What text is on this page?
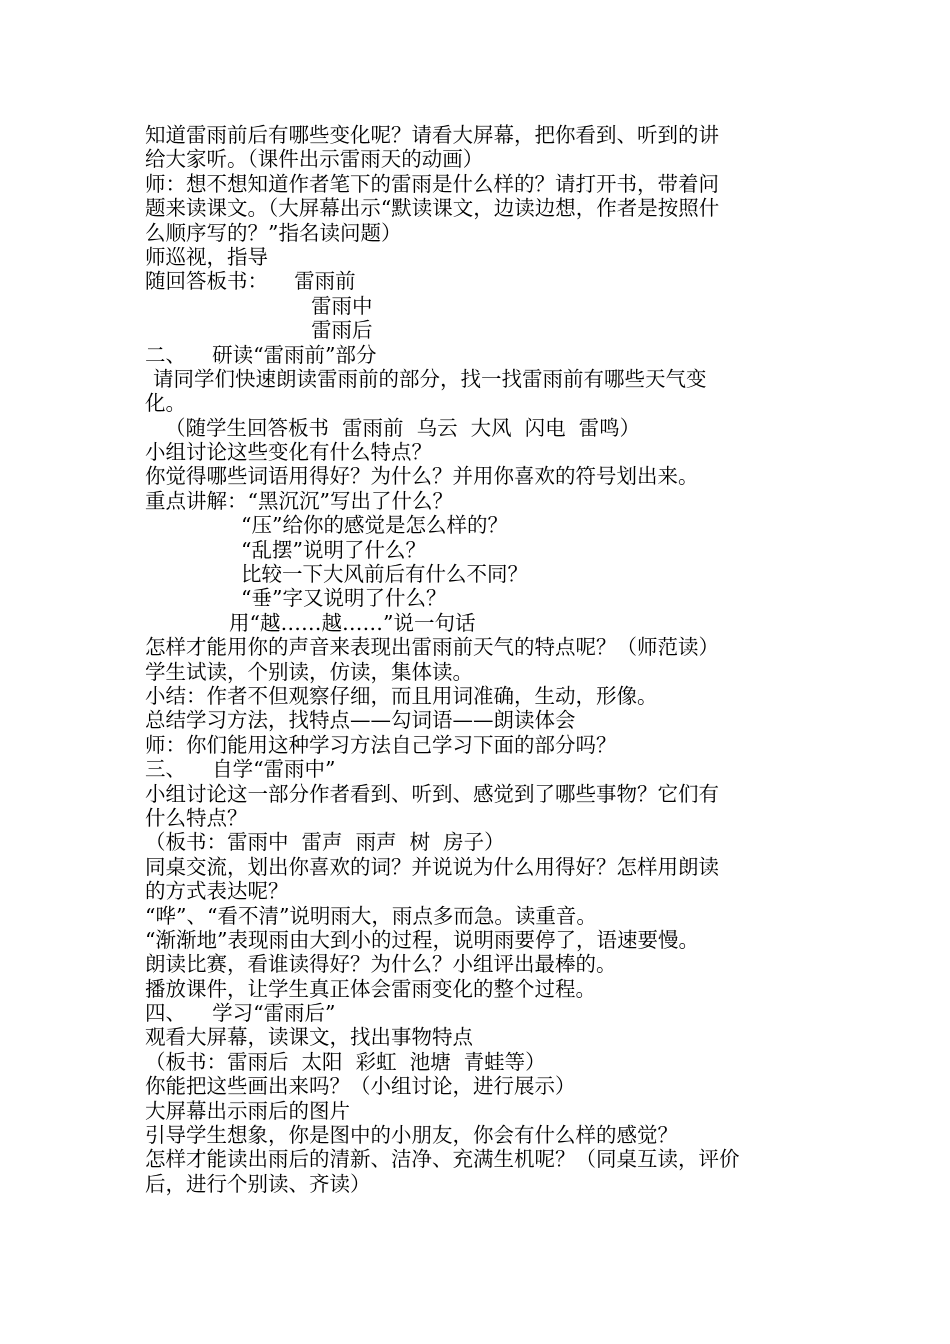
知道雷雨前后有哪些变化呢？请看大屏幕，把你看到、听到的讲
给大家听。（课件出示雷雨天的动画）
师：想不想知道作者笔下的雷雨是什么样的？请打开书，带着问
题来读课文。（大屏幕出示“默读课文，边读边想，作者是按照什
么顺序写的？”指名读问题）
师巡视，指导
随回答板书：    雷雨前
雷雨中
雷雨后
二、    研读“雷雨前”部分
请同学们快速朗读雷雨前的部分，找一找雷雨前有哪些天气变
化。
（随学生回答板书  雷雨前  乌云  大风  闪电  雷鸣）
小组讨论这些变化有什么特点？
你觉得哪些词语用得好？为什么？并用你喜欢的符号划出来。
重点讲解：“黑沉沉”写出了什么？
“压”给你的感觉是怎么样的？
“乱摆”说明了什么？
比较一下大风前后有什么不同？
“垂”字又说明了什么？
用“越……越……”说一句话
怎样才能用你的声音来表现出雷雨前天气的特点呢？（师范读）
学生试读，个别读，仿读，集体读。
小结：作者不但观察仔细，而且用词准确，生动，形像。
总结学习方法，找特点——勾词语——朗读体会
师：你们能用这种学习方法自己学习下面的部分吗？
三、    自学“雷雨中”
小组讨论这一部分作者看到、听到、感觉到了哪些事物？它们有
什么特点？
（板书：雷雨中  雷声  雨声  树  房子）
同桌交流，划出你喜欢的词？并说说为什么用得好？怎样用朗读
的方式表达呢？
“哗”、“看不清”说明雨大，雨点多而急。读重音。
“渐渐地”表现雨由大到小的过程，说明雨要停了，语速要慢。
朗读比赛，看谁读得好？为什么？小组评出最棒的。
播放课件，让学生真正体会雷雨变化的整个过程。
四、    学习“雷雨后”
观看大屏幕，读课文，找出事物特点
（板书：雷雨后  太阳  彩虹  池塘  青蛙等）
你能把这些画出来吗？（小组讨论，进行展示）
大屏幕出示雨后的图片
引导学生想象，你是图中的小朋友，你会有什么样的感觉？
怎样才能读出雨后的清新、洁净、充满生机呢？（同桌互读，评价
后，进行个别读、齐读）
